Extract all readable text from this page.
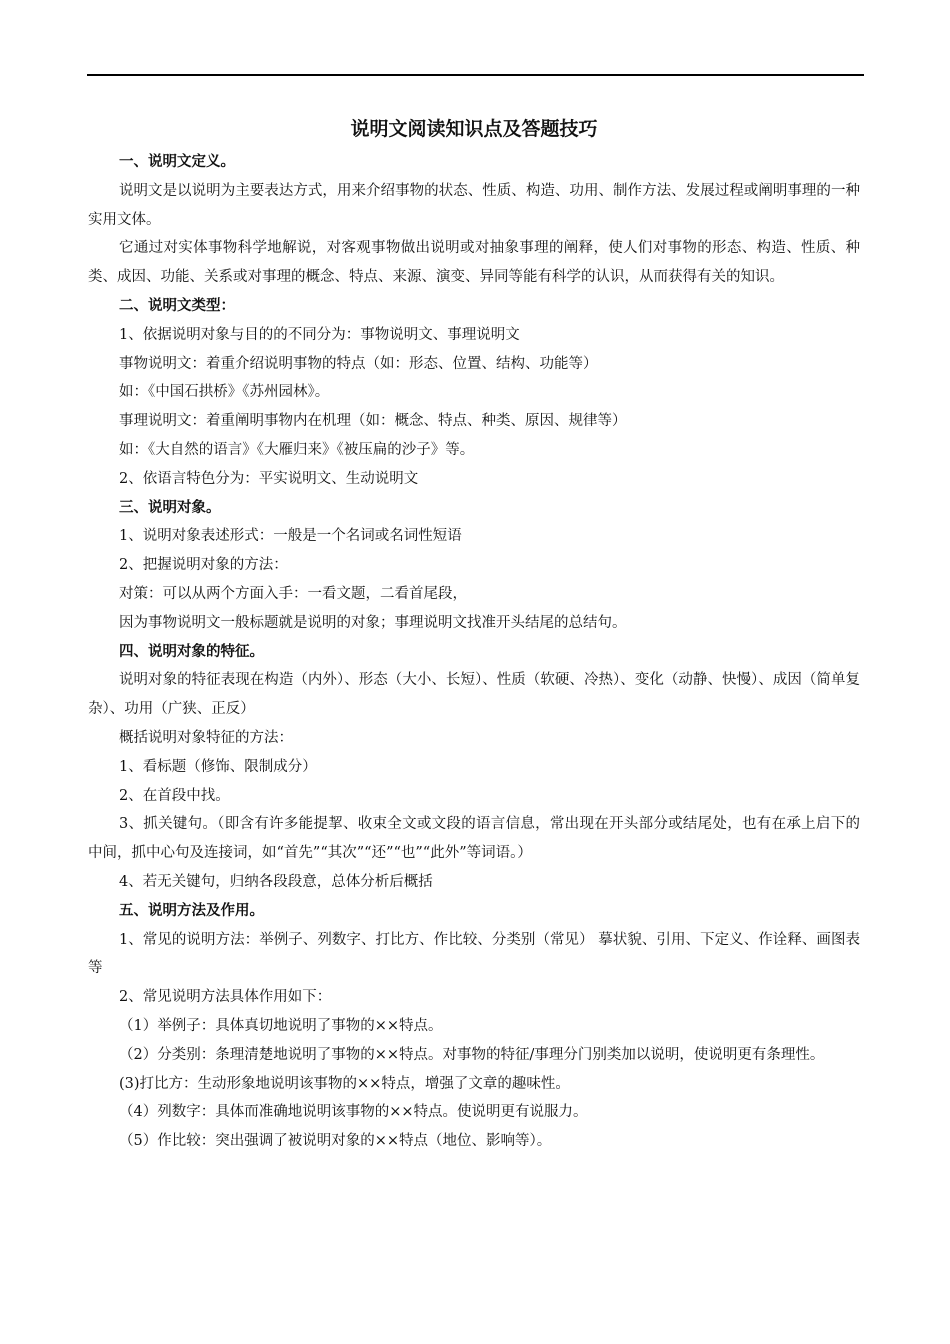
说明文阅读知识点及答题技巧

一、说明文定义。

说明文是以说明为主要表达方式，用来介绍事物的状态、性质、构造、功用、制作方法、发展过程或阐明事理的一种实用文体。

它通过对实体事物科学地解说，对客观事物做出说明或对抽象事理的阐释，使人们对事物的形态、构造、性质、种类、成因、功能、关系或对事理的概念、特点、来源、演变、异同等能有科学的认识，从而获得有关的知识。

二、说明文类型：

1、依据说明对象与目的的不同分为：事物说明文、事理说明文

事物说明文：着重介绍说明事物的特点（如：形态、位置、结构、功能等）

如：《中国石拱桥》《苏州园林》。

事理说明文：着重阐明事物内在机理（如：概念、特点、种类、原因、规律等）

如：《大自然的语言》《大雁归来》《被压扁的沙子》等。

2、依语言特色分为：平实说明文、生动说明文

三、说明对象。

1、说明对象表述形式：一般是一个名词或名词性短语

2、把握说明对象的方法：

对策：可以从两个方面入手：一看文题，二看首尾段，

因为事物说明文一般标题就是说明的对象；事理说明文找准开头结尾的总结句。

四、说明对象的特征。

说明对象的特征表现在构造（内外）、形态（大小、长短）、性质（软硬、冷热）、变化（动静、快慢）、成因（简单复杂）、功用（广狭、正反）

概括说明对象特征的方法：

1、看标题（修饰、限制成分）

2、在首段中找。

3、抓关键句。（即含有许多能提挈、收束全文或文段的语言信息，常出现在开头部分或结尾处，也有在承上启下的中间，抓中心句及连接词，如“首先”“其次”“还”“也”“此外”等词语。）

4、若无关键句，归纳各段段意，总体分析后概括

五、说明方法及作用。

1、常见的说明方法：举例子、列数字、打比方、作比较、分类别（常见） 摹状貌、引用、下定义、作诠释、画图表等

2、常见说明方法具体作用如下：

（1）举例子：具体真切地说明了事物的××特点。

（2）分类别：条理清楚地说明了事物的××特点。对事物的特征/事理分门别类加以说明，使说明更有条理性。

(3)打比方：生动形象地说明该事物的××特点，增强了文章的趣味性。

（4）列数字：具体而准确地说明该事物的××特点。使说明更有说服力。

（5）作比较：突出强调了被说明对象的××特点（地位、影响等）。
